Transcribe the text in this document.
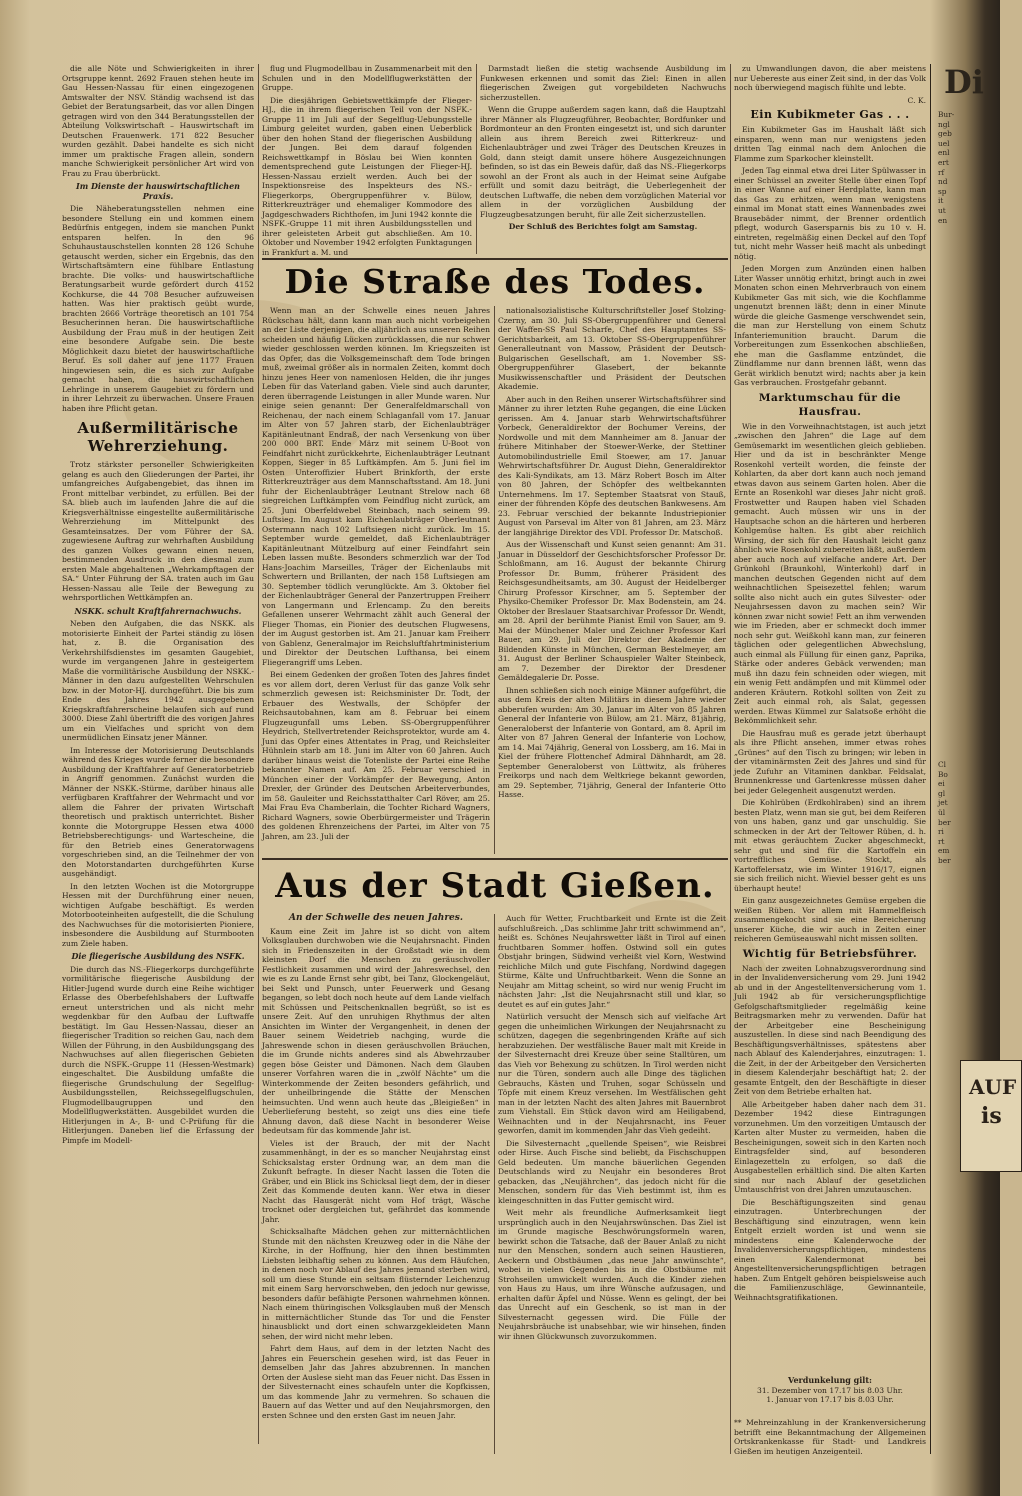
die alle Nöte und Schwierigkeiten in ihrer Ortsgruppe kennt. 2692 Frauen stehen heute im Gau Hessen-Nassau für einen eingezogenen Amtswalter der NSV. Ständig wachsend ist das Gebiet der Beratungsarbeit, das vor allen Dingen getragen wird von den 344 Beratungsstellen der Abteilung Volkswirtschaft – Hauswirtschaft im Deutschen Frauenwerk. 171 822 Besucher wurden gezählt. Dabei handelte es sich nicht immer um praktische Fragen allein, sondern manche Schwierigkeit persönlicher Art wird von Frau zu Frau überbrückt.

Im Dienste der hauswirtschaftlichen Praxis.

Die Näheberatungsstellen nehmen eine besondere Stellung ein und kommen einem Bedürfnis entgegen, indem sie manchen Punkt entsparen helfen. In den 96 Schuhaustauschstellen konnten 28 126 Schuhe getauscht werden, sicher ein Ergebnis, das den Wirtschaftsämtern eine fühlbare Entlastung brachte. Die volks- und hauswirtschaftliche Beratungsarbeit wurde gefördert durch 4152 Kochkurse, die 44 708 Besucher aufzuweisen hatten. Was hier praktisch geübt wurde, brachten 2666 Vorträge theoretisch an 101 754 Besucherinnen heran. Die hauswirtschaftliche Ausbildung der Frau muß in der heutigen Zeit eine besondere Aufgabe sein. Die beste Möglichkeit dazu bietet der hauswirtschaftliche Beruf. Es soll daher auf jene 1177 Frauen hingewiesen sein, die es sich zur Aufgabe gemacht haben, die hauswirtschaftlichen Lehrlinge in unserem Gaugebiet zu fördern und in ihrer Lehrzeit zu überwachen. Unsere Frauen haben ihre Pflicht getan.

Außermilitärische Wehrerziehung.

Trotz stärkster personeller Schwierigkeiten gelang es auch den Gliederungen der Partei, ihr umfangreiches Aufgabengebiet, das ihnen im Front mittelbar verbindet, zu erfüllen. Bei der SA. blieb auch im laufenden Jahre die auf die Kriegsverhältnisse eingestellte außermilitärische Wehrerziehung im Mittelpunkt des Gesamteinsatzes. Der vom Führer der SA. zugewiesene Auftrag zur wehrhaften Ausbildung des ganzen Volkes gewann einen neuen, bestimmenden Ausdruck in den diesmal zum ersten Male abgehaltenen „Wehrkampftagen der SA.“ Unter Führung der SA. traten auch im Gau Hessen-Nassau alle Teile der Bewegung zu wehrsportlichen Wettkämpfen an.

NSKK. schult Kraftfahrernachwuchs.

Neben den Aufgaben, die das NSKK. als motorisierte Einheit der Partei ständig zu lösen hat, z. B. die Organisation des Verkehrshilfsdienstes im gesamten Gaugebiet, wurde im vergangenen Jahre in gesteigertem Maße die vormilitärische Ausbildung der NSKK.-Männer in den dazu aufgestellten Wehrschulen bzw. in der Motor-HJ. durchgeführt. Die bis zum Ende des Jahres 1942 ausgegebenen Kriegskraftfahrerscheine belaufen sich auf rund 3000. Diese Zahl übertrifft die des vorigen Jahres um ein Vielfaches und spricht von dem unermüdlichen Einsatz jener Männer.

Im Interesse der Motorisierung Deutschlands während des Krieges wurde ferner die besondere Ausbildung der Kraftfahrer auf Generatorbetrieb in Angriff genommen. Zunächst wurden die Männer der NSKK.-Stürme, darüber hinaus alle verfügbaren Kraftfahrer der Wehrmacht und vor allem die Fahrer der privaten Wirtschaft theoretisch und praktisch unterrichtet. Bisher konnte die Motorgruppe Hessen etwa 4000 Betriebsberechtigungs- und Wartescheine, die für den Betrieb eines Generatorwagens vorgeschrieben sind, an die Teilnehmer der von den Motorstandarten durchgeführten Kurse ausgehändigt.

In den letzten Wochen ist die Motorgruppe Hessen mit der Durchführung einer neuen, wichtigen Aufgabe beschäftigt. Es werden Motorbooteinheiten aufgestellt, die die Schulung des Nachwuchses für die motorisierten Pioniere, insbesondere die Ausbildung auf Sturmbooten zum Ziele haben.

Die fliegerische Ausbildung des NSFK.

Die durch das NS.-Fliegerkorps durchgeführte vormilitärische fliegerische Ausbildung der Hitler-Jugend wurde durch eine Reihe wichtiger Erlasse des Oberbefehlshabers der Luftwaffe erneut unterstrichen und als nicht mehr wegdenkbar für den Aufbau der Luftwaffe bestätigt. Im Gau Hessen-Nassau, dieser an fliegerischer Tradition so reichen Gau, nach dem Willen der Führung, in den Ausbildungsgang des Nachwuchses auf allen fliegerischen Gebieten durch die NSFK.-Gruppe 11 (Hessen-Westmark) eingeschaltet. Die Ausbildung umfaßte die fliegerische Grundschulung der Segelflug-Ausbildungsstellen, Reichssegelflugschulen, Flugmodellbaugruppen und den Modellflugwerkstätten. Ausgebildet wurden die Hitlerjungen in A-, B- und C-Prüfung für die Hitlerjungen. Daneben lief die Erfassung der Pimpfe im Modell-

flug und Flugmodellbau in Zusammenarbeit mit den Schulen und in den Modellflugwerkstätten der Gruppe.

Die diesjährigen Gebietswettkämpfe der Flieger-HJ., die in ihrem fliegerischen Teil von der NSFK.-Gruppe 11 im Juli auf der Segelflug-Uebungsstelle Limburg geleitet wurden, gaben einen Ueberblick über den hohen Stand der fliegerischen Ausbildung der Jungen. Bei dem darauf folgenden Reichswettkampf in Böslau bei Wien konnten dementsprechend gute Leistungen der Flieger-HJ. Hessen-Nassau erzielt werden. Auch bei der Inspektionsreise des Inspekteurs des NS.-Fliegerkorps, Obergruppenführer v. Bülow, Ritterkreuzträger und ehemaliger Kommodore des Jagdgeschwaders Richthofen, im Juni 1942 konnte die NSFK.-Gruppe 11 mit ihren Ausbildungsstellen und ihrer geleisteten Arbeit gut abschließen. Am 10. Oktober und November 1942 erfolgten Funktagungen in Frankfurt a. M. und

Darmstadt ließen die stetig wachsende Ausbildung im Funkwesen erkennen und somit das Ziel: Einen in allen fliegerischen Zweigen gut vorgebildeten Nachwuchs sicherzustellen.

Wenn die Gruppe außerdem sagen kann, daß die Hauptzahl ihrer Männer als Flugzeugführer, Beobachter, Bordfunker und Bordmonteur an den Fronten eingesetzt ist, und sich darunter allein aus ihrem Bereich zwei Ritterkreuz- und Eichenlaubträger und zwei Träger des Deutschen Kreuzes in Gold, dann steigt damit unsere höhere Ausgezeichnungen befinden, so ist das ein Beweis dafür, daß das NS.-Fliegerkorps sowohl an der Front als auch in der Heimat seine Aufgabe erfüllt und somit dazu beiträgt, die Ueberlegenheit der deutschen Luftwaffe, die neben dem vorzüglichen Material vor allem in der vorzüglichen Ausbildung der Flugzeugbesatzungen beruht, für alle Zeit sicherzustellen.

Der Schluß des Berichtes folgt am Samstag.

Die Straße des Todes.

Wenn man an der Schwelle eines neuen Jahres Rückschau hält, dann kann man auch nicht vorbeigehen an der Liste derjenigen, die alljährlich aus unseren Reihen scheiden und häufig Lücken zurücklassen, die nur schwer wieder geschlossen werden können. Im Kriegszeiten ist das Opfer, das die Volksgemeinschaft dem Tode bringen muß, zweimal größer als in normalen Zeiten, kommt doch hinzu jenes Heer von namenlosen Helden, die ihr junges Leben für das Vaterland gaben. Viele sind auch darunter, deren überragende Leistungen in aller Munde waren. Nur einige seien genannt: Der Generalfeldmarschall von Reichenau, der nach einem Schlaganfall vom 17. Januar im Alter von 57 Jahren starb, der Eichenlaubträger Kapitänleutnant Endraß, der nach Versenkung von über 200 000 BRT. Ende März mit seinem U-Boot von Feindfahrt nicht zurückkehrte, Eichenlaubträger Leutnant Koppen, Sieger in 85 Luftkämpfen. Am 5. Juni fiel im Osten Unteroffizier Hubert Brinkforth, der erste Ritterkreuzträger aus dem Mannschaftsstand. Am 18. Juni fuhr der Eichenlaubträger Leutnant Strelow nach 68 siegreichen Luftkämpfen vom Feindflug nicht zurück, am 25. Juni Oberfeldwebel Steinbach, nach seinem 99. Luftsieg. Im August kam Eichenlaubträger Oberleutnant Ostermann nach 102 Luftsiegen nicht zurück. Im 15. September wurde gemeldet, daß Eichenlaubträger Kapitänleutnant Mützelburg auf einer Feindfahrt sein Leben lassen mußte. Besonders schmerzlich war der Tod Hans-Joachim Marseilles, Träger der Eichenlaubs mit Schwertern und Brillanten, der nach 158 Luftsiegen am 30. September tödlich verunglückte. Am 3. Oktober fiel der Eichenlaubträger General der Panzertruppen Freiherr von Langermann und Erlencamp. Zu den bereits Gefallenen unserer Wehrmacht zählt auch General der Flieger Thomas, ein Pionier des deutschen Flugwesens, der im August gestorben ist. Am 21. Januar kam Freiherr von Gablenz, Generalmajor im Reichsluftfahrtministerium und Direktor der Deutschen Lufthansa, bei einem Fliegerangriff ums Leben.

Bei einem Gedenken der großen Toten des Jahres findet es vor allem dort, deren Verlust für das ganze Volk sehr schmerzlich gewesen ist: Reichsminister Dr. Todt, der Erbauer des Westwalls, der Schöpfer der Reichsautobahnen, kam am 8. Februar bei einem Flugzeugunfall ums Leben. SS-Obergruppenführer Heydrich, Stellvertretender Reichsprotektor, wurde am 4. Juni das Opfer eines Attentates in Prag, und Reichsleiter Hühnlein starb am 18. Juni im Alter von 60 Jahren. Auch darüber hinaus weist die Totenliste der Partei eine Reihe bekannter Namen auf. Am 25. Februar verschied in München einer der Vorkämpfer der Bewegung, Anton Drexler, der Gründer des Deutschen Arbeiterverbundes, im 58. Gauleiter und Reichsstatthalter Carl Röver, am 25. Mai Frau Eva Chamberlain, die Tochter Richard Wagners, Richard Wagners, sowie Oberbürgermeister und Trägerin des goldenen Ehrenzeichens der Partei, im Alter von 75 Jahren, am 23. Juli der

nationalsozialistische Kulturschriftsteller Josef Stolzing-Czerny, am 30. Juli SS-Obergruppenführer und General der Waffen-SS Paul Scharfe, Chef des Hauptamtes SS-Gerichtsbarkeit, am 13. Oktober SS-Obergruppenführer Generalleutnant von Massow, Präsident der Deutsch-Bulgarischen Gesellschaft, am 1. November SS-Obergruppenführer Glasebert, der bekannte Musikwissenschaftler und Präsident der Deutschen Akademie.

Aber auch in den Reihen unserer Wirtschaftsführer sind Männer zu ihrer letzten Ruhe gegangen, die eine Lücken gerissen. Am 4. Januar starb Wehrwirtschaftsführer Vorbeck, Generaldirektor der Bochumer Vereins, der Nordwolle und mit dem Mannheimer am 8. Januar der frühere Mitinhaber der Stoewer-Werke, der Stettiner Automobilindustrielle Emil Stoewer, am 17. Januar Wehrwirtschaftsführer Dr. August Diehn, Generaldirektor des Kali-Syndikats, am 13. März Robert Bosch im Alter von 80 Jahren, der Schöpfer des weltbekannten Unternehmens. Im 17. September Staatsrat von Stauß, einer der führenden Köpfe des deutschen Bankwesens. Am 23. Februar verschied der bekannte Industriepionier August von Parseval im Alter von 81 Jahren, am 23. März der langjährige Direktor des VDI. Professor Dr. Matschoß.

Aus der Wissenschaft und Kunst seien genannt: Am 31. Januar in Düsseldorf der Geschichtsforscher Professor Dr. Schloßmann, am 16. August der bekannte Chirurg Professor Dr. Bumm, früherer Präsident des Reichsgesundheitsamts, am 30. August der Heidelberger Chirurg Professor Kirschner, am 5. September der Physiko-Chemiker Professor Dr. Max Bodenstein, am 24. Oktober der Breslauer Staatsarchivar Professor Dr. Wendt, am 28. April der berühmte Pianist Emil von Sauer, am 9. Mai der Münchener Maler und Zeichner Professor Karl Bauer, am 29. Juli der Direktor der Akademie der Bildenden Künste in München, German Bestelmeyer, am 31. August der Berliner Schauspieler Walter Steinbeck, am 7. Dezember der Direktor der Dresdener Gemäldegalerie Dr. Posse.

Ihnen schließen sich noch einige Männer aufgeführt, die aus dem Kreis der alten Militärs in diesem Jahre wieder abberufen wurden: Am 30. Januar im Alter von 85 Jahren General der Infanterie von Bülow, am 21. März, 81jährig, Generaloberst der Infanterie von Gontard, am 8. April im Alter von 87 Jahren General der Infanterie von Lochow, am 14. Mai 74jährig, General von Lossberg, am 16. Mai in Kiel der frühere Flottenchef Admiral Dähnhardt, am 28. September Generaloberst von Lüttwitz, als früheres Freikorps und nach dem Weltkriege bekannt geworden, am 29. September, 71jährig, General der Infanterie Otto Hasse.

Aus der Stadt Gießen.

An der Schwelle des neuen Jahres.

Kaum eine Zeit im Jahre ist so dicht von altem Volksglauben durchwoben wie die Neujahrsnacht. Finden sich in Friedenszeiten in der Großstadt wie in dem kleinsten Dorf die Menschen zu geräuschvoller Festlichkeit zusammen und wird der Jahreswechsel, den wie es zu Lande Ernst sehr gibt, bei Tanz, Glockengeläut, bei Sekt und Punsch, unter Feuerwerk und Gesang begangen, so lebt doch noch heute auf dem Lande vielfach mit Schüssen und Peitschenknallen begrüßt, so ist es unsere Zeit. Auf den unruhigen Rhythmus der alten Ansichten im Winter der Vergangenheit, in denen der Bauer seinem Weidetrieb nachging, wurde die Jahreswende schon in diesen geräuschvollen Bräuchen, die im Grunde nichts anderes sind als Abwehrzauber gegen böse Geister und Dämonen. Nach dem Glauben unserer Vorfahren waren die in „zwölf Nächte“ um die Winterkommende der Zeiten besonders gefährlich, und der unheilbringende die Stätte der Menschen heimsuchten. Und wenn auch heute das „Bleigießen“ in Ueberlieferung besteht, so zeigt uns dies eine tiefe Ahnung davon, daß diese Nacht in besonderer Weise bedeutsam für das kommende Jahr ist.

Vieles ist der Brauch, der mit der Nacht zusammenhängt, in der es so mancher Neujahrstag einst Schicksalstag erster Ordnung war, an dem man die Zukunft befragte. In dieser Nacht lassen die Toten die Gräber, und ein Blick ins Schicksal liegt dem, der in dieser Zeit das Kommende deuten kann. Wer etwa in dieser Nacht das Hausgerät nicht vom Hof trägt, Wäsche trocknet oder dergleichen tut, gefährdet das kommende Jahr.

Schicksalhafte Mädchen gehen zur mitternächtlichen Stunde mit den nächsten Kreuzweg oder in die Nähe der Kirche, in der Hoffnung, hier den ihnen bestimmten Liebsten leibhaftig sehen zu können. Aus dem Häufchen, in denen noch vor Ablauf des Jahres jemand sterben wird, soll um diese Stunde ein seltsam flüsternder Leichenzug mit einem Sarg hervorschweben, den jedoch nur gewisse, besonders dafür befähigte Personen wahrnehmen können. Nach einem thüringischen Volksglauben muß der Mensch in mitternächtlicher Stunde das Tor und die Fenster hinausblickt und dort einen schwarzgekleideten Mann sehen, der wird nicht mehr leben.

Fahrt dem Haus, auf dem in der letzten Nacht des Jahres ein Feuerschein gesehen wird, ist das Feuer in demselben Jahr das Jahres abzubrennen. In manchen Orten der Auslese sieht man das Feuer nicht. Das Essen in der Silvesternacht eines schaufeln unter die Kopfkissen, um das kommende Jahr zu vermehren. So schauen die Bauern auf das Wetter und auf den Neujahrsmorgen, den ersten Schnee und den ersten Gast im neuen Jahr.

Auch für Wetter, Fruchtbarkeit und Ernte ist die Zeit aufschlußreich. „Das schlimme Jahr tritt schwimmend an“, heißt es. Schönes Neujahrswetter läßt in Tirol auf einen fruchtbaren Sommer hoffen. Ostwind soll ein gutes Obstjahr bringen, Südwind verheißt viel Korn, Westwind reichliche Milch und gute Fischfang, Nordwind dagegen Stürme, Kälte und Unfruchtbarkeit. Wenn die Sonne an Neujahr am Mittag scheint, so wird nur wenig Frucht im nächsten Jahr: „Ist die Neujahrsnacht still und klar, so deutet es auf ein gutes Jahr.“

Natürlich versucht der Mensch sich auf vielfache Art gegen die unheimlichen Wirkungen der Neujahrsnacht zu schützen, dagegen die segenbringenden Kräfte auf sich herabzuziehen. Der westfälische Bauer malt mit Kreide in der Silvesternacht drei Kreuze über seine Stalltüren, um das Vieh vor Behexung zu schützen. In Tirol werden nicht nur die Türen, sondern auch alle Dinge des täglichen Gebrauchs, Kästen und Truhen, sogar Schüsseln und Töpfe mit einem Kreuz versehen. Im Westfälischen geht man in der letzten Nacht des alten Jahres mit Bauernbrot zum Viehstall. Ein Stück davon wird am Heiligabend, Weihnachten und in der Neujahrsnacht, ins Feuer geworfen, damit im kommenden Jahr das Vieh gedeiht.

Die Silvesternacht „quellende Speisen“, wie Reisbrei oder Hirse. Auch Fische sind beliebt, da Fischschuppen Geld bedeuten. Um manche bäuerlichen Gegenden Deutschlands wird zu Neujahr ein besonderes Brot gebacken, das „Neujährchen“, das jedoch nicht für die Menschen, sondern für das Vieh bestimmt ist, ihm es kleingeschnitten in das Futter gemischt wird.

Weit mehr als freundliche Aufmerksamkeit liegt ursprünglich auch in den Neujahrswünschen. Das Ziel ist im Grunde magische Beschwörungsformeln waren, bewirkt schon die Tatsache, daß der Bauer Anlaß zu nicht nur den Menschen, sondern auch seinen Haustieren, Aeckern und Obstbäumen „das neue Jahr anwünschte“, wobei in vielen Gegenden bis in die Obstbäume mit Strohseilen umwickelt wurden. Auch die Kinder ziehen von Haus zu Haus, um ihre Wünsche aufzusagen, und erhalten dafür Äpfel und Nüsse. Wenn es gelingt, der bei das Unrecht auf ein Geschenk, so ist man in der Silvesternacht gegessen wird. Die Fülle der Neujahrsbräuche ist unabsehbar, wie wir hinsehen, finden wir ihnen Glückwunsch zuvorzukommen.

zu Umwandlungen davon, die aber meistens nur Uebereste aus einer Zeit sind, in der das Volk noch überwiegend magisch fühlte und lebte.

C. K.
Ein Kubikmeter Gas . . .

Ein Kubikmeter Gas im Haushalt läßt sich einsparen, wenn man nur wenigstens jeden dritten Tag einmal nach dem Anlochen die Flamme zum Sparkocher kleinstellt.

Jeden Tag einmal etwa drei Liter Spülwasser in einer Schüssel an zweiter Stelle über einen Topf in einer Wanne auf einer Herdplatte, kann man das Gas zu erhitzen, wenn man wenigstens einmal im Monat statt eines Wannenbades zwei Brausebäder nimmt, der Brenner ordentlich pflegt, wodurch Gasersparnis bis zu 10 v. H. eintreten, regelmäßig einen Deckel auf den Topf tut, nicht mehr Wasser heiß macht als unbedingt nötig.

Jeden Morgen zum Anzünden einen halben Liter Wasser unnötig erhitzt, bringt auch in zwei Monaten schon einen Mehrverbrauch von einem Kubikmeter Gas mit sich, wie die Kochflamme ungenutzt brennen läßt; denn in einer Minute würde die gleiche Gasmenge verschwendet sein, die man zur Herstellung von einem Schutz Infanteriemunition braucht. Darum die Vorbereitungen zum Essenkochen abschließen, ehe man die Gasflamme entzündet, die Zündflamme nur dann brennen läßt, wenn das Gerät wirklich benutzt wird; nachts aber ja kein Gas verbrauchen. Frostgefahr gebannt.

Marktumschau für die Hausfrau.

Wie in den Vorweihnachtstagen, ist auch jetzt „zwischen den Jahren“ die Lage auf dem Gemüsemarkt im wesentlichen gleich geblieben. Hier und da ist in beschränkter Menge Rosenkohl verteilt worden, die feinste der Kohlarten, da aber dort kann auch noch jemand etwas davon aus seinem Garten holen. Aber die Ernte an Rosenkohl war dieses Jahr nicht groß. Frostwetter und Raupen haben viel Schaden gemacht. Auch müssen wir uns in der Hauptsache schon an die härteren und herberen Kohlgemüse halten. Es gibt aber reichlich Wirsing, der sich für den Haushalt leicht ganz ähnlich wie Rosenkohl zubereiten läßt, außerdem aber auch noch auf vielfache andere Art. Der Grünkohl (Braunkohl, Winterkohl) darf in manchen deutschen Gegenden nicht auf dem weihnachtlichen Speisezettel fehlen; warum sollte also nicht auch ein gutes Silvester- oder Neujahrsessen davon zu machen sein? Wir können zwar nicht sowie! Fett an ihm verwenden wie im Frieden, aber er schmeckt doch immer noch sehr gut. Weißkohl kann man, zur feineren täglichen oder gelegentlichen Abwechslung, auch einmal als Füllung für einen ganz, Paprika, Stärke oder anderes Gebäck verwenden; man muß ihn dazu fein schneiden oder wiegen, mit ein wenig Fett andämpfen und mit Kümmel oder anderen Kräutern. Rotkohl sollten von Zeit zu Zeit auch einmal roh, als Salat, gegessen werden. Etwas Kümmel zur Salatsoße erhöht die Bekömmlichkeit sehr.

Die Hausfrau muß es gerade jetzt überhaupt als ihre Pflicht ansehen, immer etwas rohes „Grünes“ auf den Tisch zu bringen; wir leben in der vitaminärmsten Zeit des Jahres und sind für jede Zufuhr an Vitaminen dankbar. Feldsalat, Brunnenkresse und Gartenkresse müssen daher bei jeder Gelegenheit ausgenutzt werden.

Die Kohlrüben (Erdkohlraben) sind an ihrem besten Platz, wenn man sie gut, bei dem Reiferen von uns haben, ganz und gar unschuldig. Sie schmecken in der Art der Teltower Rüben, d. h. mit etwas geräuchtem Zucker abgeschmeckt, sehr gut und sind für die Kartoffeln ein vortreffliches Gemüse. Stockt, als Kartoffelersatz, wie im Winter 1916/17, eignen sie sich freilich nicht. Wieviel besser geht es uns überhaupt heute!

Ein ganz ausgezeichnetes Gemüse ergeben die weißen Rüben. Vor allem mit Hammelfleisch zusammengekocht sind sie eine Bereicherung unserer Küche, die wir auch in Zeiten einer reicheren Gemüseauswahl nicht missen sollten.

Wichtig für Betriebsführer.

Nach der zweiten Lohnabzugsverordnung sind in der Invalidenversicherung vom 29. Juni 1942 ab und in der Angestelltenversicherung vom 1. Juli 1942 ab für versicherungspflichtige Gefolgschaftsmitglieder regelmäßig keine Beitragsmarken mehr zu verwenden. Dafür hat der Arbeitgeber eine Bescheinigung auszustellen. In diese sind nach Beendigung des Beschäftigungsverhältnisses, spätestens aber nach Ablauf des Kalenderjahres, einzutragen: 1. die Zeit, in der der Arbeitgeber den Versicherten in diesem Kalenderjahr beschäftigt hat; 2. der gesamte Entgelt, den der Beschäftigte in dieser Zeit von dem Betriebe erhalten hat.

Alle Arbeitgeber haben daher nach dem 31. Dezember 1942 diese Eintragungen vorzunehmen. Um den vorzeitigen Umtausch der Karten alter Muster zu vermeiden, haben die Bescheinigungen, soweit sich in den Karten noch Eintragsfelder sind, auf besonderen Einlagezetteln zu erfolgen, so daß die Ausgabestellen erhältlich sind. Die alten Karten sind nur nach Ablauf der gesetzlichen Umtauschfrist von drei Jahren umzutauschen.

Die Beschäftigungszeiten sind genau einzutragen. Unterbrechungen der Beschäftigung sind einzutragen, wenn kein Entgelt erzielt worden ist und wenn sie mindestens eine Kalenderwoche der Invalidenversicherungspflichtigen, mindestens einen Kalendermonat bei Angestelltenversicherungspflichtigen betragen haben. Zum Entgelt gehören beispielsweise auch die Familienzuschläge, Gewinnanteile, Weihnachtsgratifikationen.

Verdunkelung gilt:
31. Dezember von 17.17 bis 8.03 Uhr.
1. Januar von 17.17 bis 8.03 Uhr.

** Mehreinzahlung in der Krankenversicherung betrifft eine Bekanntmachung der Allgemeinen Ortskrankenkasse für Stadt- und Landkreis Gießen im heutigen Anzeigenteil.

Di
Bur-
ngl
geb
uel
enl
ert
rf
nd
sp
it
ut
en
Cl
Bo
ei
gl
jet
ül
ber
ri
rt
em
ber
AUF
is
